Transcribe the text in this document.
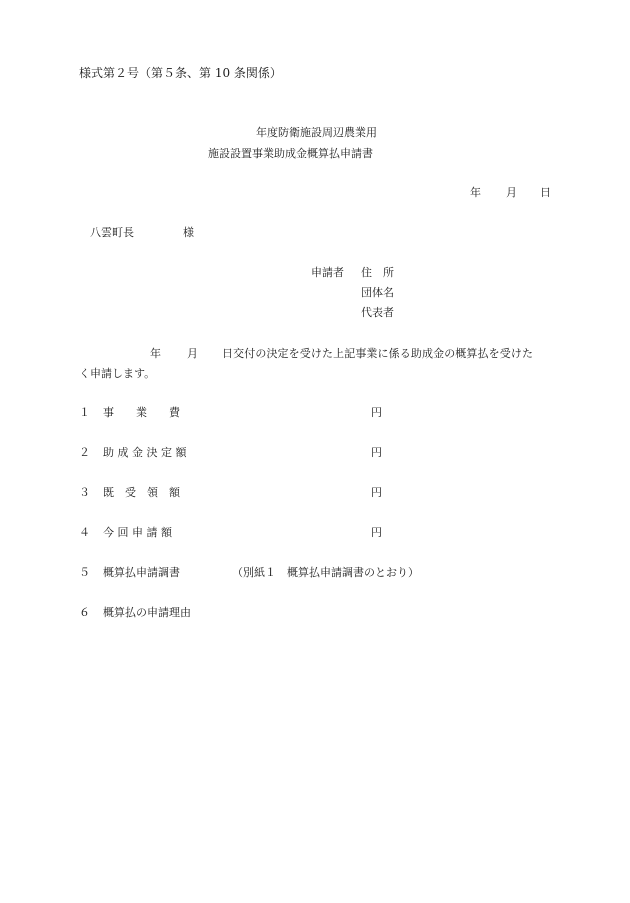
様式第２号（第５条、第 10 条関係）
年度防衛施設周辺農業用
施設設置事業助成金概算払申請書
年 月 日
八雲町長	様
申請者 住　所
団体名
代表者
年 月 日交付の決定を受けた上記事業に係る助成金の概算払を受けた
く申請します。
１ 事　　業　　費	円
２ 助 成 金 決 定 額	円
３ 既　受　領　額	円
４ 今 回 申 請 額	円
５ 概算払申請調書	（別紙１　概算払申請調書のとおり）
６ 概算払の申請理由
